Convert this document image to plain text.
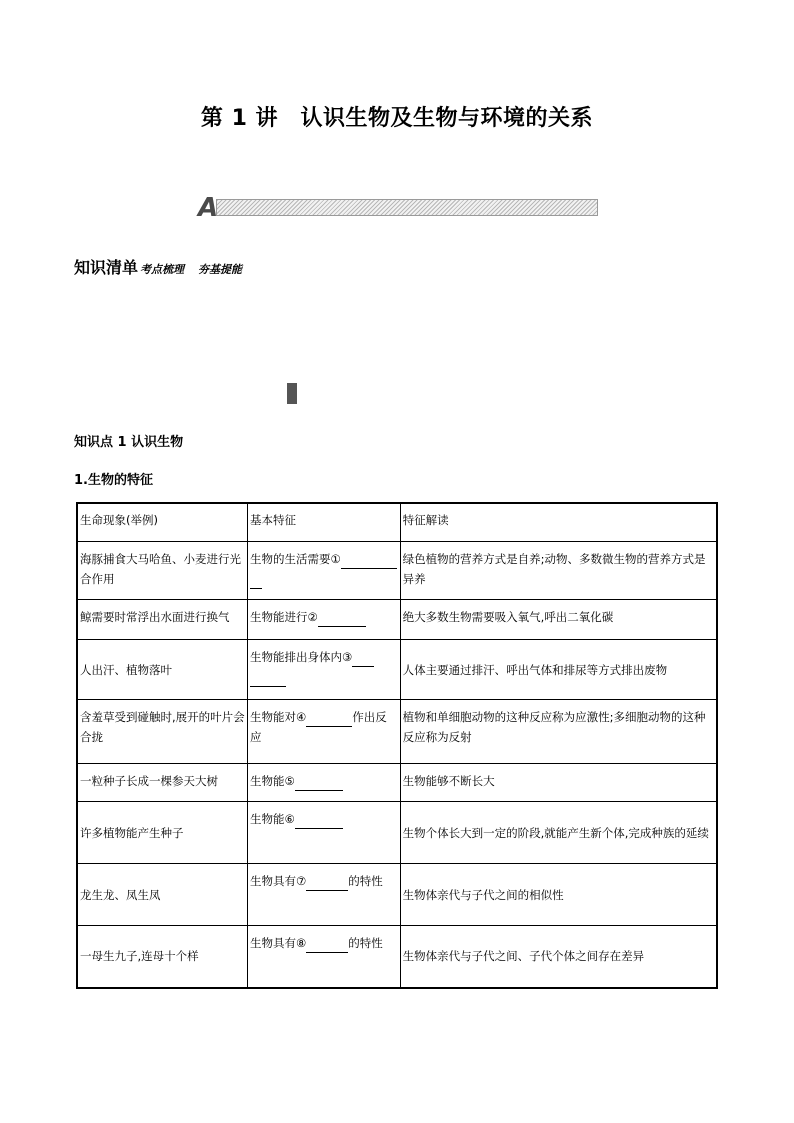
第 1 讲　认识生物及生物与环境的关系
A
知识清单 考点梳理 夯基提能
知识点 1 认识生物
1.生物的特征
生命现象(举例)	基本特征	特征解读
海豚捕食大马哈鱼、小麦进行光合作用	生物的生活需要①	绿色植物的营养方式是自养;动物、多数微生物的营养方式是异养
鲸需要时常浮出水面进行换气	生物能进行②	绝大多数生物需要吸入氧气,呼出二氧化碳
人出汗、植物落叶	生物能排出身体内③	人体主要通过排汗、呼出气体和排尿等方式排出废物
含羞草受到碰触时,展开的叶片会合拢	生物能对④ 作出反应	植物和单细胞动物的这种反应称为应激性;多细胞动物的这种反应称为反射
一粒种子长成一棵参天大树	生物能⑤	生物能够不断长大
许多植物能产生种子	生物能⑥	生物个体长大到一定的阶段,就能产生新个体,完成种族的延续
龙生龙、凤生凤	生物具有⑦ 的特性	生物体亲代与子代之间的相似性
一母生九子,连母十个样	生物具有⑧ 的特性	生物体亲代与子代之间、子代个体之间存在差异
